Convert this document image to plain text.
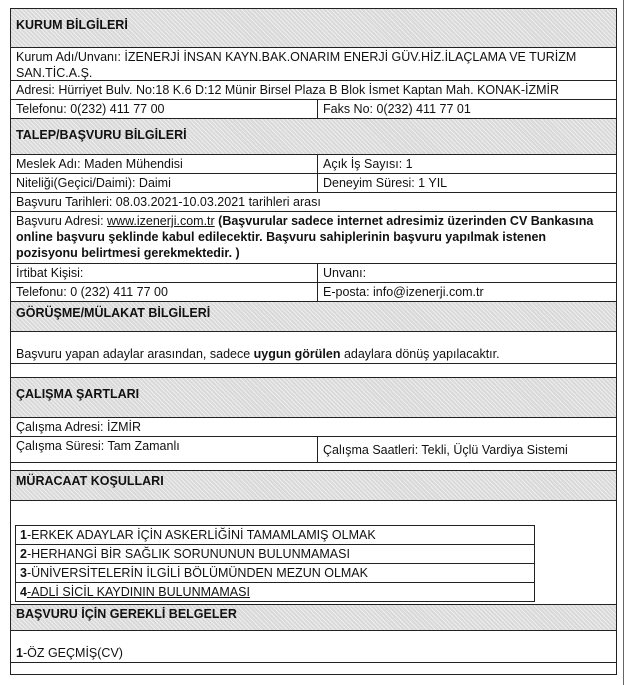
KURUM BİLGİLERİ
Kurum Adı/Unvanı: İZENERJİ İNSAN KAYN.BAK.ONARIM ENERJİ GÜV.HİZ.İLAÇLAMA VE TURİZM SAN.TİC.A.Ş.
Adresi: Hürriyet Bulv. No:18 K.6 D:12 Münir Birsel Plaza B Blok İsmet Kaptan Mah. KONAK-İZMİR
Telefonu: 0(232) 411 77 00	Faks No: 0(232) 411 77 01
TALEP/BAŞVURU BİLGİLERİ
Meslek Adı: Maden Mühendisi	Açık İş Sayısı: 1
Niteliği(Geçici/Daimi): Daimi	Deneyim Süresi: 1 YIL
Başvuru Tarihleri: 08.03.2021-10.03.2021 tarihleri arası
Başvuru Adresi: www.izenerji.com.tr (Başvurular sadece internet adresimiz üzerinden CV Bankasına online başvuru şeklinde kabul edilecektir. Başvuru sahiplerinin başvuru yapılmak istenen pozisyonu belirtmesi gerekmektedir. )
İrtibat Kişisi:	Unvanı:
Telefonu: 0 (232) 411 77 00	E-posta: info@izenerji.com.tr
GÖRÜŞME/MÜLAKAT BİLGİLERİ
Başvuru yapan adaylar arasından, sadece uygun görülen adaylara dönüş yapılacaktır.
ÇALIŞMA ŞARTLARI
Çalışma Adresi: İZMİR
Çalışma Süresi: Tam Zamanlı	Çalışma Saatleri: Tekli, Üçlü Vardiya Sistemi
MÜRACAAT KOŞULLARI
1-ERKEK ADAYLAR İÇİN ASKERLİĞİNİ TAMAMLAMIŞ OLMAK
2-HERHANGİ BİR SAĞLIK SORUNUNUN BULUNMAMASI
3-ÜNİVERSİTELERİN İLGİLİ BÖLÜMÜNDEN MEZUN OLMAK
4-ADLİ SİCİL KAYDININ BULUNMAMASI
BAŞVURU İÇİN GEREKLİ BELGELER
1-ÖZ GEÇMİŞ(CV)
